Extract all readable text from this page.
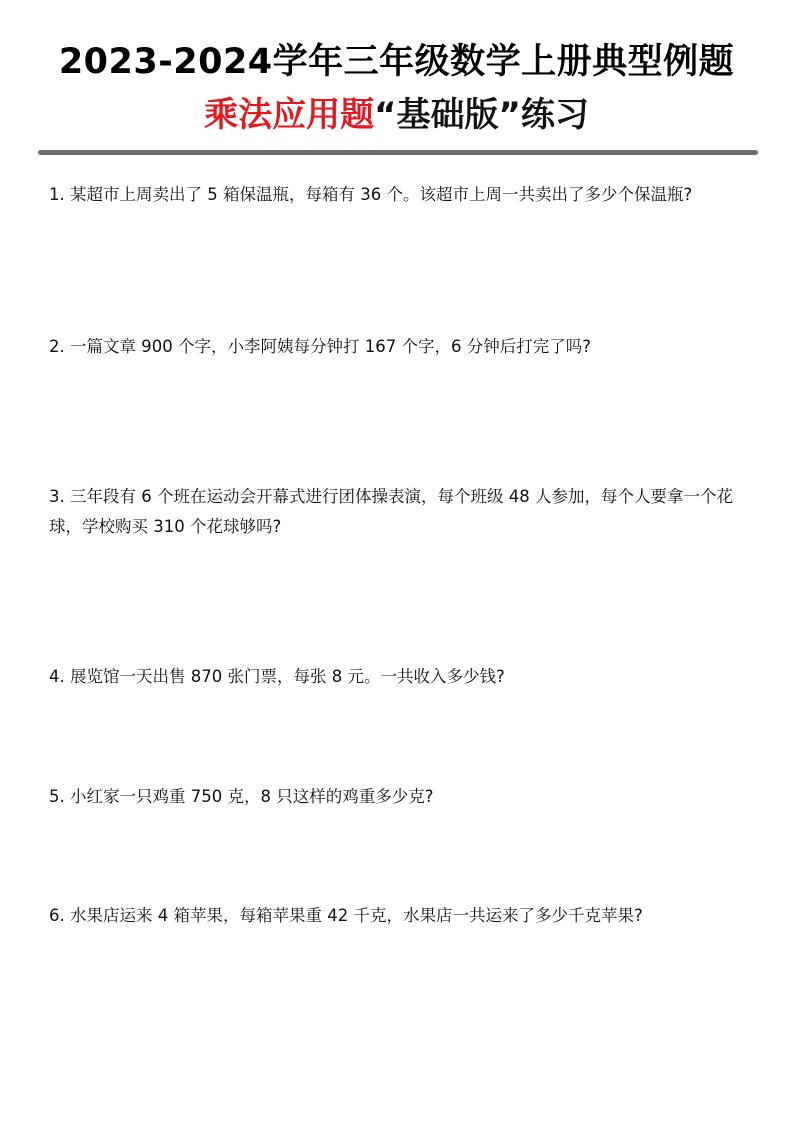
2023-2024学年三年级数学上册典型例题
乘法应用题“基础版”练习
1. 某超市上周卖出了 5 箱保温瓶，每箱有 36 个。该超市上周一共卖出了多少个保温瓶?
2. 一篇文章 900 个字，小李阿姨每分钟打 167 个字，6 分钟后打完了吗?
3. 三年段有 6 个班在运动会开幕式进行团体操表演，每个班级 48 人参加，每个人要拿一个花球，学校购买 310 个花球够吗?
4. 展览馆一天出售 870 张门票，每张 8 元。一共收入多少钱?
5. 小红家一只鸡重 750 克，8 只这样的鸡重多少克?
6. 水果店运来 4 箱苹果，每箱苹果重 42 千克，水果店一共运来了多少千克苹果?
